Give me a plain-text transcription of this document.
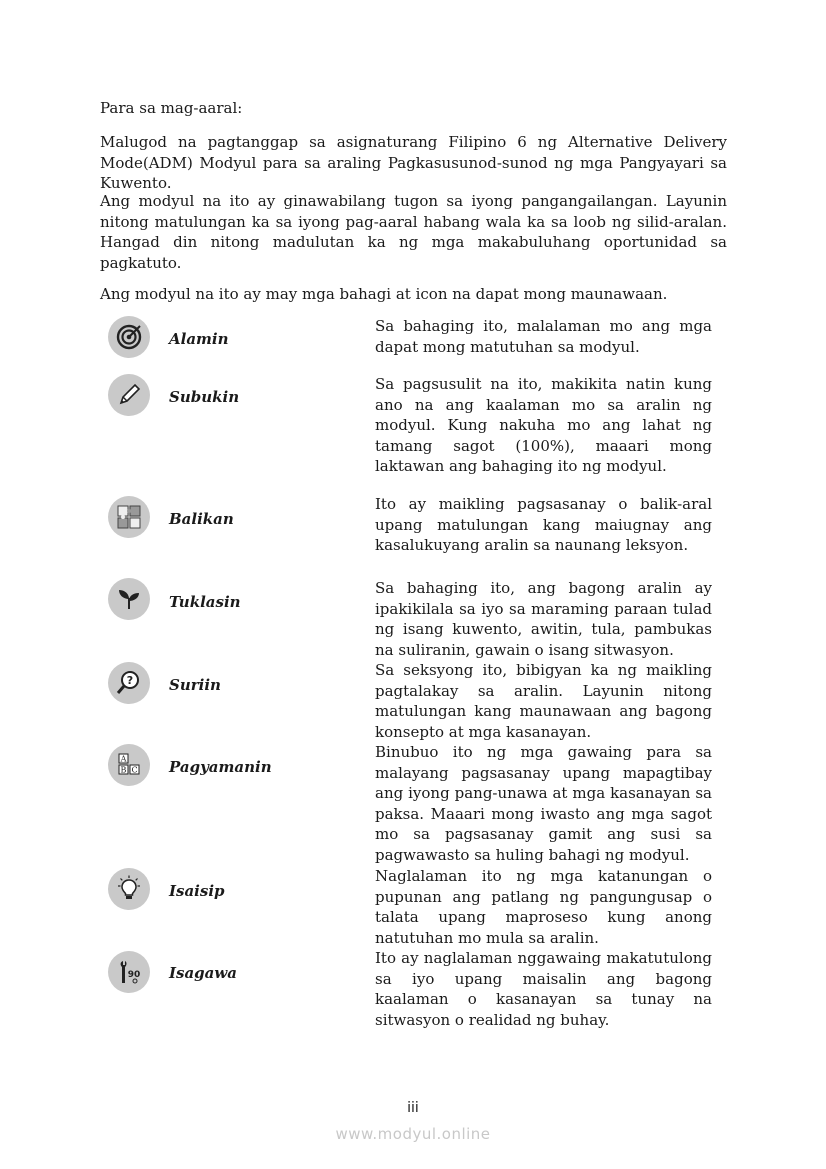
Para sa mag-aaral:

Malugod na pagtanggap sa asignaturang Filipino 6 ng Alternative Delivery Mode(ADM) Modyul para sa araling Pagkasusunod-sunod ng mga Pangyayari sa Kuwento.

Ang modyul na ito ay ginawabilang tugon sa iyong pangangailangan. Layunin nitong matulungan ka sa iyong pag-aaral habang wala ka sa loob ng silid-aralan. Hangad din nitong madulutan ka ng mga makabuluhang oportunidad sa pagkatuto.

Ang modyul na ito ay may mga bahagi at icon na dapat mong maunawaan.

Alamin

Sa bahaging ito, malalaman mo ang mga dapat mong matutuhan sa modyul.

Subukin

Sa pagsusulit na ito, makikita natin kung ano na ang kaalaman mo sa aralin ng modyul. Kung nakuha mo ang lahat ng tamang sagot (100%), maaari mong laktawan ang bahaging ito ng modyul.

Balikan

Ito ay maikling pagsasanay o balik-aral upang matulungan kang maiugnay ang kasalukuyang aralin sa naunang leksyon.

Tuklasin

Sa bahaging ito, ang bagong aralin ay ipakikilala sa iyo sa maraming paraan tulad ng isang kuwento, awitin, tula, pambukas na suliranin, gawain o isang sitwasyon.

? Suriin

Sa seksyong ito, bibigyan ka ng maikling pagtalakay sa aralin. Layunin nitong matulungan kang maunawaan ang bagong konsepto at mga kasanayan.

A
B C Pagyamanin

Binubuo ito ng mga gawaing para sa malayang pagsasanay upang mapagtibay ang iyong pang-unawa at mga kasanayan sa paksa. Maaari mong iwasto ang mga sagot mo sa pagsasanay gamit ang susi sa pagwawasto sa huling bahagi ng modyul.

Isaisip

Naglalaman ito ng mga katanungan o pupunan ang patlang ng pangungusap o talata upang maproseso kung anong natutuhan mo mula sa aralin.

90 Isagawa

Ito ay naglalaman nggawaing makatutulong sa iyo upang maisalin ang bagong kaalaman o kasanayan sa tunay na sitwasyon o realidad ng buhay.

iii
www.modyul.online
